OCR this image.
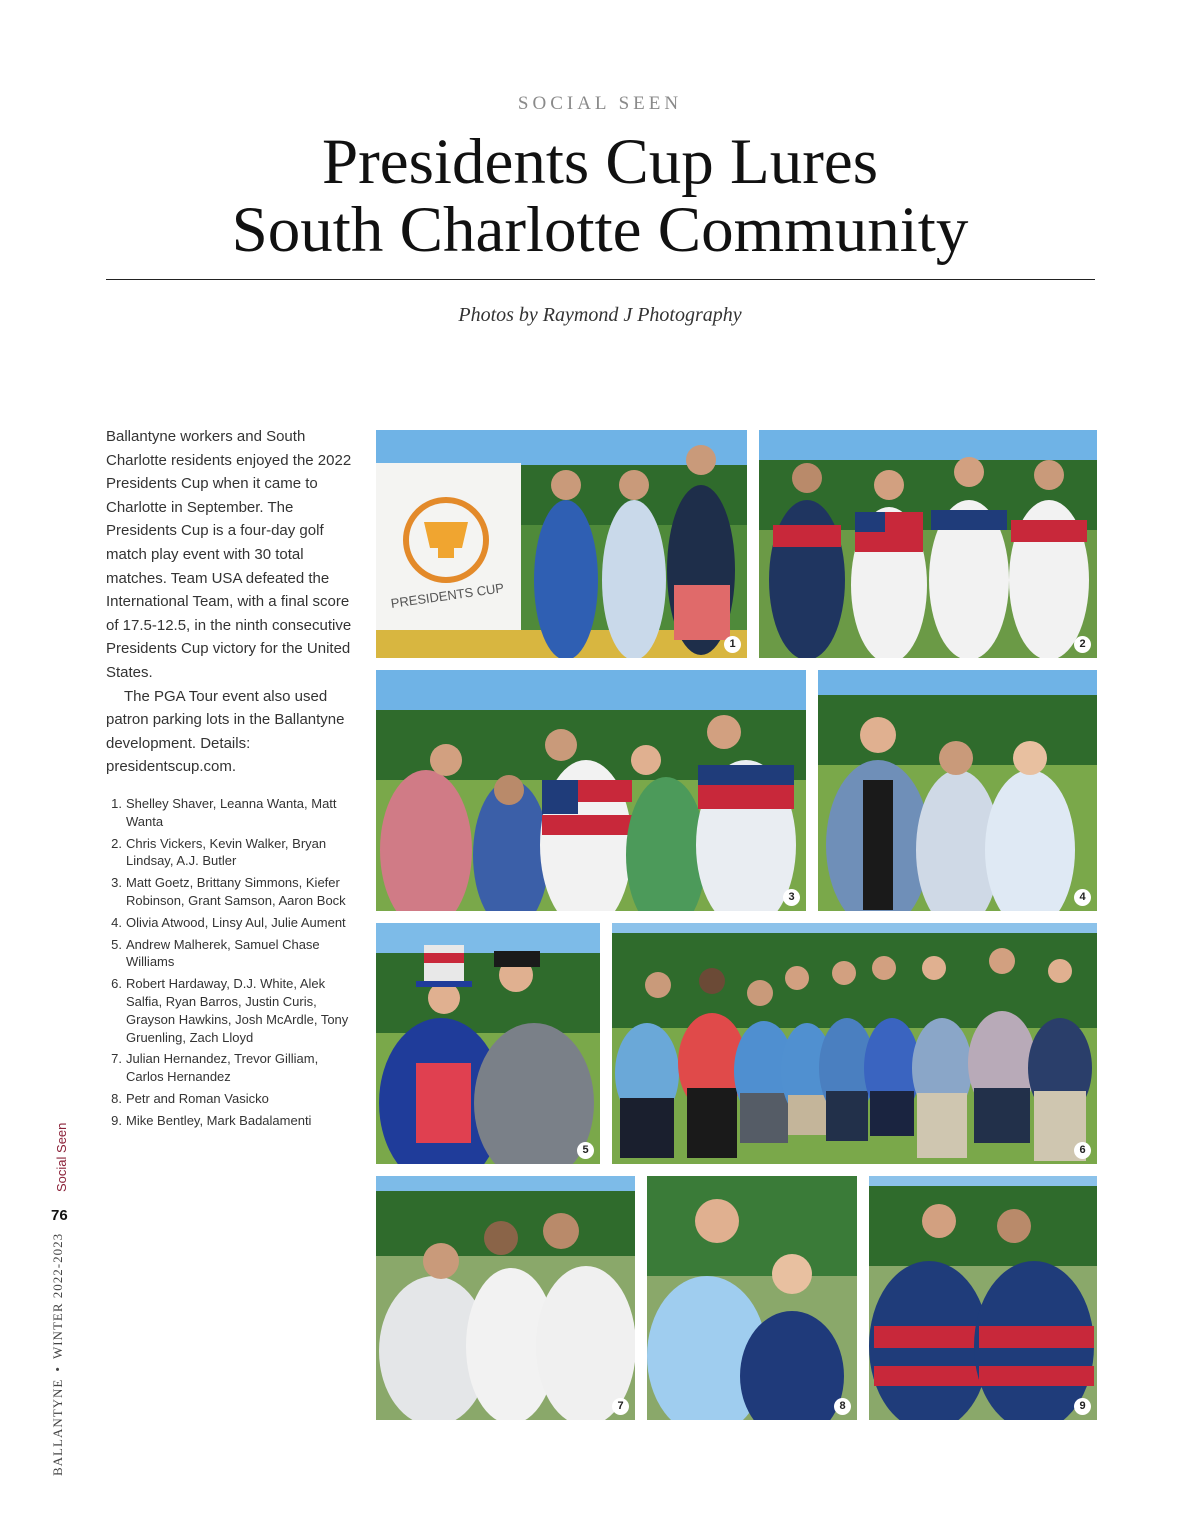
SOCIAL SEEN
Presidents Cup Lures
South Charlotte Community
Photos by Raymond J Photography

Ballantyne workers and South Charlotte residents enjoyed the 2022 Presidents Cup when it came to Charlotte in September. The Presidents Cup is a four-day golf match play event with 30 total matches. Team USA defeated the International Team, with a final score of 17.5-12.5, in the ninth consecutive Presidents Cup victory for the United States.

The PGA Tour event also used patron parking lots in the Ballantyne development. Details: presidentscup.com.

1. Shelley Shaver, Leanna Wanta, Matt Wanta
2. Chris Vickers, Kevin Walker, Bryan Lindsay, A.J. Butler
3. Matt Goetz, Brittany Simmons, Kiefer Robinson, Grant Samson, Aaron Bock
4. Olivia Atwood, Linsy Aul, Julie Aument
5. Andrew Malherek, Samuel Chase Williams
6. Robert Hardaway, D.J. White, Alek Salfia, Ryan Barros, Justin Curis, Grayson Hawkins, Josh McArdle, Tony Gruenling, Zach Lloyd
7. Julian Hernandez, Trevor Gilliam, Carlos Hernandez
8. Petr and Roman Vasicko
9. Mike Bentley, Mark Badalamenti
PRESIDENTS CUP
1	2
3	4
5	6
7	8	9
BALLANTYNE•WINTER 2022-2023
Social Seen
76
